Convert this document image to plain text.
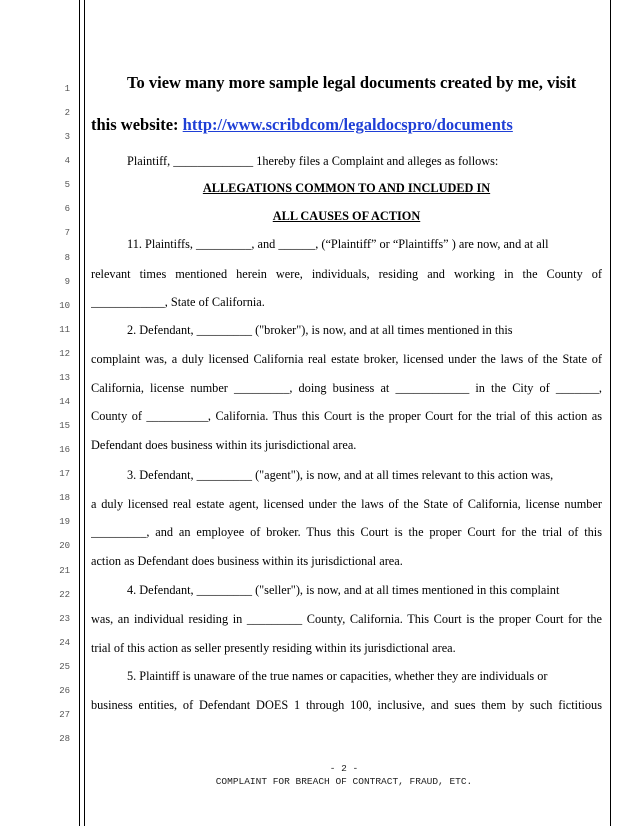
1
2
3
4
5
6
7
8
9
10
11
12
13
14
15
16
17
18
19
20
21
22
23
24
25
26
27
28
To view many more sample legal documents created by me, visit
this website: http://www.scribdcom/legaldocspro/documents
Plaintiff, _____________ 1hereby files a Complaint and alleges as follows:
ALLEGATIONS COMMON TO AND INCLUDED IN
ALL CAUSES OF ACTION
11. Plaintiffs, _________, and ______, (“Plaintiff” or “Plaintiffs” ) are now, and at all
relevant times mentioned herein were, individuals, residing and working in the County of
____________, State of California.
2. Defendant, _________ ("broker"), is now, and at all times mentioned in this
complaint was, a duly licensed California real estate broker, licensed under the laws of the State of
California, license number _________, doing business at ____________ in the City of _______,
County of __________, California. Thus this Court is the proper Court for the trial of this action as
Defendant does business within its jurisdictional area.
3. Defendant, _________ ("agent"), is now, and at all times relevant to this action was,
a duly licensed real estate agent, licensed under the laws of the State of California, license number
_________, and an employee of broker. Thus this Court is the proper Court for the trial of this
action as Defendant does business within its jurisdictional area.
4. Defendant, _________ ("seller"), is now, and at all times mentioned in this complaint
was, an individual residing in _________ County, California. This Court is the proper Court for the
trial of this action as seller presently residing within its jurisdictional area.
5. Plaintiff is unaware of the true names or capacities, whether they are individuals or
business entities, of Defendant DOES 1 through 100, inclusive, and sues them by such fictitious
- 2 -
COMPLAINT FOR BREACH OF CONTRACT, FRAUD, ETC.
